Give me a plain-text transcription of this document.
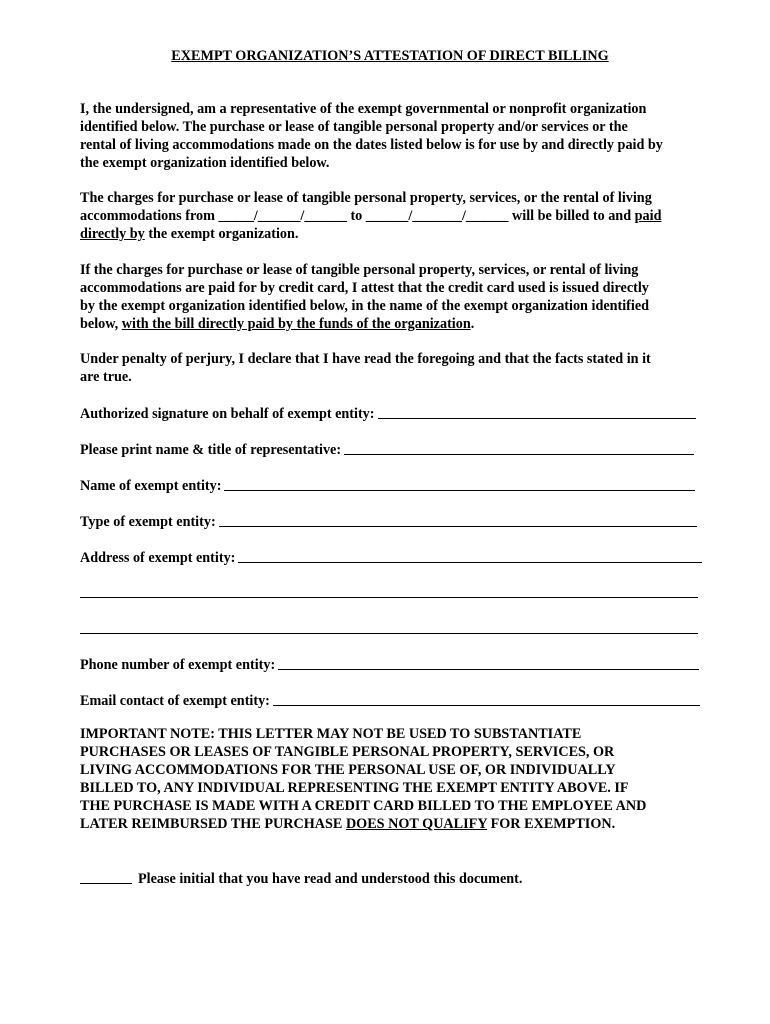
EXEMPT ORGANIZATION’S ATTESTATION OF DIRECT BILLING

I, the undersigned, am a representative of the exempt governmental or nonprofit organization
identified below. The purchase or lease of tangible personal property and/or services or the
rental of living accommodations made on the dates listed below is for use by and directly paid by
the exempt organization identified below.

The charges for purchase or lease of tangible personal property, services, or the rental of living
accommodations from _____/______/______ to ______/_______/______ will be billed to and paid
directly by the exempt organization.

If the charges for purchase or lease of tangible personal property, services, or rental of living
accommodations are paid for by credit card, I attest that the credit card used is issued directly
by the exempt organization identified below, in the name of the exempt organization identified
below, with the bill directly paid by the funds of the organization.

Under penalty of perjury, I declare that I have read the foregoing and that the facts stated in it
are true.

Authorized signature on behalf of exempt entity:
Please print name & title of representative:
Name of exempt entity:
Type of exempt entity:
Address of exempt entity:
Phone number of exempt entity:
Email contact of exempt entity:

IMPORTANT NOTE: THIS LETTER MAY NOT BE USED TO SUBSTANTIATE
PURCHASES OR LEASES OF TANGIBLE PERSONAL PROPERTY, SERVICES, OR
LIVING ACCOMMODATIONS FOR THE PERSONAL USE OF, OR INDIVIDUALLY
BILLED TO, ANY INDIVIDUAL REPRESENTING THE EXEMPT ENTITY ABOVE. IF
THE PURCHASE IS MADE WITH A CREDIT CARD BILLED TO THE EMPLOYEE AND
LATER REIMBURSED THE PURCHASE DOES NOT QUALIFY FOR EXEMPTION.

Please initial that you have read and understood this document.
